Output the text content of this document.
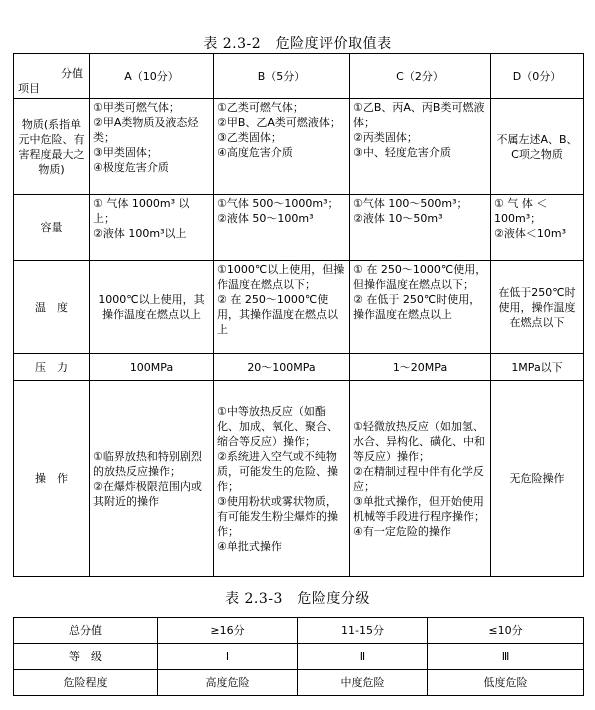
表 2.3-2　危险度评价取值表
分值
项目	A（10分）	B（5分）	C（2分）	D（0分）
物质(系指单元中危险、有害程度最大之物质)	①甲类可燃气体；
②甲A类物质及液态烃类；
③甲类固体；
④极度危害介质	①乙类可燃气体；
②甲B、乙A类可燃液体；
③乙类固体；
④高度危害介质	①乙B、丙A、丙B类可燃液体；
②丙类固体；
③中、轻度危害介质	不属左述A、B、C项之物质
容量	① 气体 1000m³ 以上；
②液体 100m³以上	①气体 500～1000m³；
②液体 50～100m³	①气体 100～500m³；
②液体 10～50m³	① 气 体 ＜ 100m³；
②液体＜10m³

温　度	1000℃以上使用，其操作温度在燃点以上	①1000℃以上使用，但操作温度在燃点以下；
② 在 250～1000℃使用，其操作温度在燃点以上	① 在 250～1000℃使用，但操作温度在燃点以下；
② 在低于 250℃时使用，操作温度在燃点以上	在低于250℃时使用，操作温度在燃点以下
压　力	100MPa	20～100MPa	1～20MPa	1MPa以下
操　作	①临界放热和特别剧烈的放热反应操作；
②在爆炸极限范围内或其附近的操作	①中等放热反应（如酯化、加成、氧化、聚合、缩合等反应）操作；
②系统进入空气或不纯物质，可能发生的危险、操作；
③使用粉状或雾状物质，有可能发生粉尘爆炸的操作；
④单批式操作	①轻微放热反应（如加氢、水合、异构化、磺化、中和等反应）操作；
②在精制过程中伴有化学反应；
③单批式操作，但开始使用机械等手段进行程序操作；
④有一定危险的操作	无危险操作
表 2.3-3　危险度分级
总分值	≥16分	11-15分	≤10分
等　级	Ⅰ	Ⅱ	Ⅲ
危险程度	高度危险	中度危险	低度危险
